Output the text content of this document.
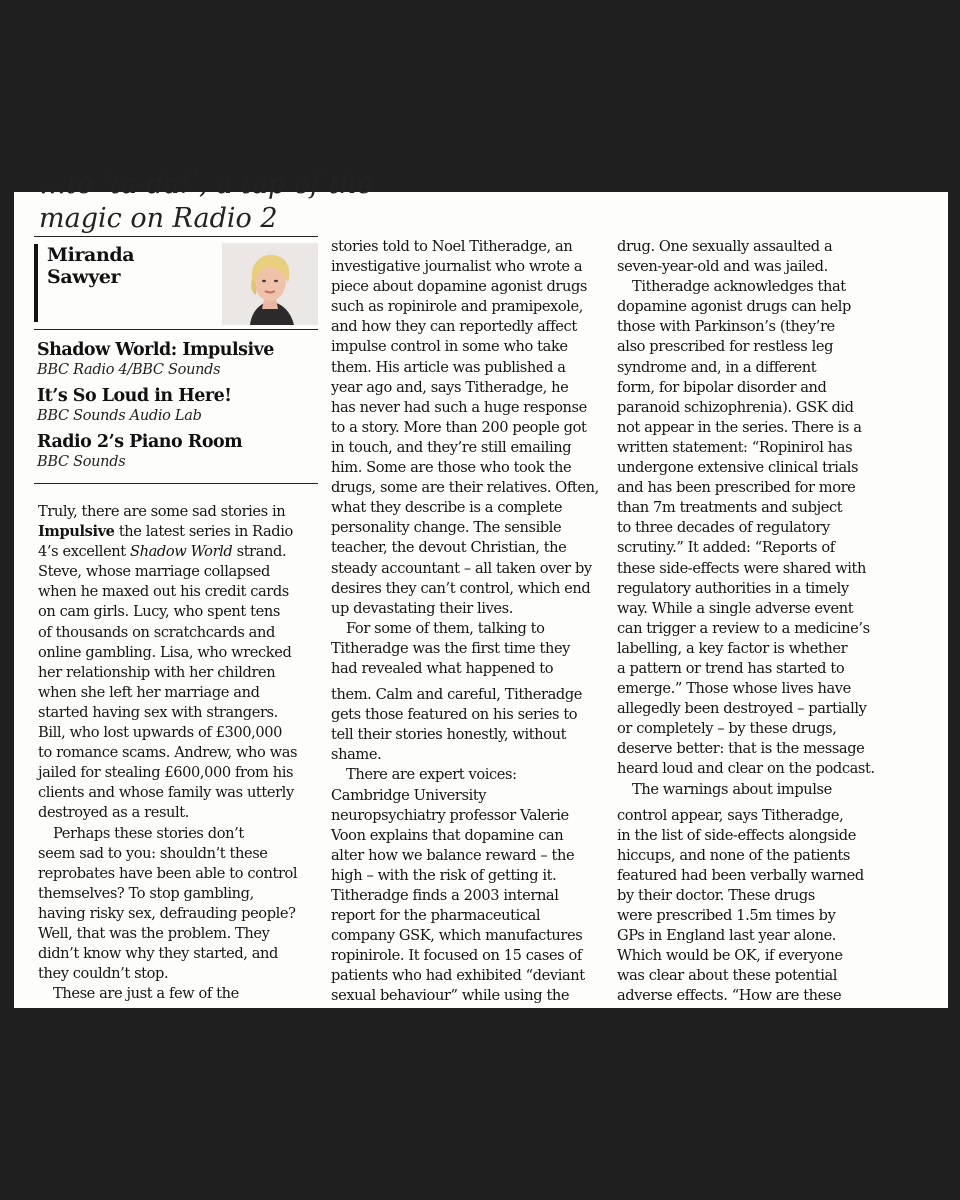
…to ‘ta-da!’, a tap of the
magic on Radio 2
Miranda
Sawyer
Shadow World: Impulsive
BBC Radio 4/BBC Sounds
It’s So Loud in Here!
BBC Sounds Audio Lab
Radio 2’s Piano Room
BBC Sounds
Truly, there are some sad stories in
Impulsive the latest series in Radio
4’s excellent Shadow World strand.
Steve, whose marriage collapsed
when he maxed out his credit cards
on cam girls. Lucy, who spent tens
of thousands on scratchcards and
online gambling. Lisa, who wrecked
her relationship with her children
when she left her marriage and
started having sex with strangers.
Bill, who lost upwards of £300,000
to romance scams. Andrew, who was
jailed for stealing £600,000 from his
clients and whose family was utterly
destroyed as a result.
Perhaps these stories don’t
seem sad to you: shouldn’t these
reprobates have been able to control
themselves? To stop gambling,
having risky sex, defrauding people?
Well, that was the problem. They
didn’t know why they started, and
they couldn’t stop.
These are just a few of the
stories told to Noel Titheradge, an
investigative journalist who wrote a
piece about dopamine agonist drugs
such as ropinirole and pramipexole,
and how they can reportedly affect
impulse control in some who take
them. His article was published a
year ago and, says Titheradge, he
has never had such a huge response
to a story. More than 200 people got
in touch, and they’re still emailing
him. Some are those who took the
drugs, some are their relatives. Often,
what they describe is a complete
personality change. The sensible
teacher, the devout Christian, the
steady accountant – all taken over by
desires they can’t control, which end
up devastating their lives.
For some of them, talking to
Titheradge was the first time they
had revealed what happened to
them. Calm and careful, Titheradge
gets those featured on his series to
tell their stories honestly, without
shame.
There are expert voices:
Cambridge University
neuropsychiatry professor Valerie
Voon explains that dopamine can
alter how we balance reward – the
high – with the risk of getting it.
Titheradge finds a 2003 internal
report for the pharmaceutical
company GSK, which manufactures
ropinirole. It focused on 15 cases of
patients who had exhibited “deviant
sexual behaviour” while using the
drug. One sexually assaulted a
seven-year-old and was jailed.
Titheradge acknowledges that
dopamine agonist drugs can help
those with Parkinson’s (they’re
also prescribed for restless leg
syndrome and, in a different
form, for bipolar disorder and
paranoid schizophrenia). GSK did
not appear in the series. There is a
written statement: “Ropinirol has
undergone extensive clinical trials
and has been prescribed for more
than 7m treatments and subject
to three decades of regulatory
scrutiny.” It added: “Reports of
these side-effects were shared with
regulatory authorities in a timely
way. While a single adverse event
can trigger a review to a medicine’s
labelling, a key factor is whether
a pattern or trend has started to
emerge.” Those whose lives have
allegedly been destroyed – partially
or completely – by these drugs,
deserve better: that is the message
heard loud and clear on the podcast.
The warnings about impulse
control appear, says Titheradge,
in the list of side-effects alongside
hiccups, and none of the patients
featured had been verbally warned
by their doctor. These drugs
were prescribed 1.5m times by
GPs in England last year alone.
Which would be OK, if everyone
was clear about these potential
adverse effects. “How are these
